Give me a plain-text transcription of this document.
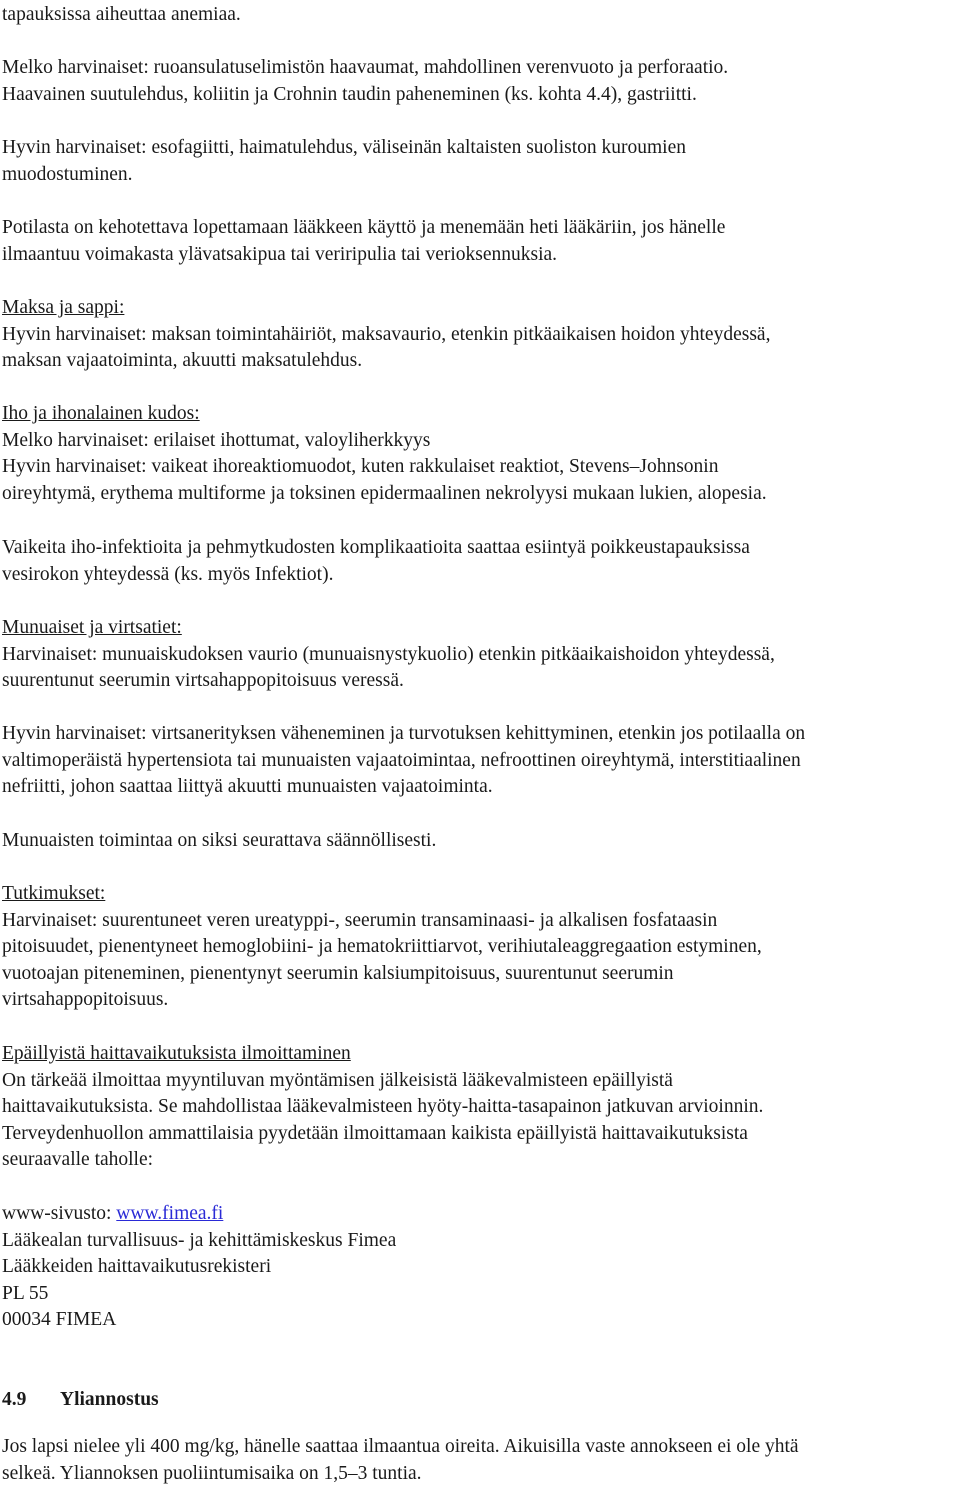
tapauksissa aiheuttaa anemiaa.
Melko harvinaiset: ruoansulatuselimistön haavaumat, mahdollinen verenvuoto ja perforaatio.
Haavainen suutulehdus, koliitin ja Crohnin taudin paheneminen (ks. kohta 4.4), gastriitti.
Hyvin harvinaiset: esofagiitti, haimatulehdus, väliseinän kaltaisten suoliston kuroumien
muodostuminen.
Potilasta on kehotettava lopettamaan lääkkeen käyttö ja menemään heti lääkäriin, jos hänelle
ilmaantuu voimakasta ylävatsakipua tai veriripulia tai verioksennuksia.
Maksa ja sappi:
Hyvin harvinaiset: maksan toimintahäiriöt, maksavaurio, etenkin pitkäaikaisen hoidon yhteydessä,
maksan vajaatoiminta, akuutti maksatulehdus.
Iho ja ihonalainen kudos:
Melko harvinaiset: erilaiset ihottumat, valoyliherkkyys
Hyvin harvinaiset: vaikeat ihoreaktiomuodot, kuten rakkulaiset reaktiot, Stevens–Johnsonin
oireyhtymä, erythema multiforme ja toksinen epidermaalinen nekrolyysi mukaan lukien, alopesia.
Vaikeita iho-infektioita ja pehmytkudosten komplikaatioita saattaa esiintyä poikkeustapauksissa
vesirokon yhteydessä (ks. myös Infektiot).
Munuaiset ja virtsatiet:
Harvinaiset: munuaiskudoksen vaurio (munuaisnystykuolio) etenkin pitkäaikaishoidon yhteydessä,
suurentunut seerumin virtsahappopitoisuus veressä.
Hyvin harvinaiset: virtsanerityksen väheneminen ja turvotuksen kehittyminen, etenkin jos potilaalla on
valtimoperäistä hypertensiota tai munuaisten vajaatoimintaa, nefroottinen oireyhtymä, interstitiaalinen
nefriitti, johon saattaa liittyä akuutti munuaisten vajaatoiminta.
Munuaisten toimintaa on siksi seurattava säännöllisesti.
Tutkimukset:
Harvinaiset: suurentuneet veren ureatyppi-, seerumin transaminaasi- ja alkalisen fosfataasin
pitoisuudet, pienentyneet hemoglobiini- ja hematokriittiarvot, verihiutaleaggregaation estyminen,
vuotoajan piteneminen, pienentynyt seerumin kalsiumpitoisuus, suurentunut seerumin
virtsahappopitoisuus.
Epäillyistä haittavaikutuksista ilmoittaminen
On tärkeää ilmoittaa myyntiluvan myöntämisen jälkeisistä lääkevalmisteen epäillyistä
haittavaikutuksista. Se mahdollistaa lääkevalmisteen hyöty-haitta-tasapainon jatkuvan arvioinnin.
Terveydenhuollon ammattilaisia pyydetään ilmoittamaan kaikista epäillyistä haittavaikutuksista
seuraavalle taholle:
www-sivusto: www.fimea.fi
Lääkealan turvallisuus- ja kehittämiskeskus Fimea
Lääkkeiden haittavaikutusrekisteri
PL 55
00034 FIMEA
4.9 Yliannostus
Jos lapsi nielee yli 400 mg/kg, hänelle saattaa ilmaantua oireita. Aikuisilla vaste annokseen ei ole yhtä
selkeä. Yliannoksen puoliintumisaika on 1,5–3 tuntia.
